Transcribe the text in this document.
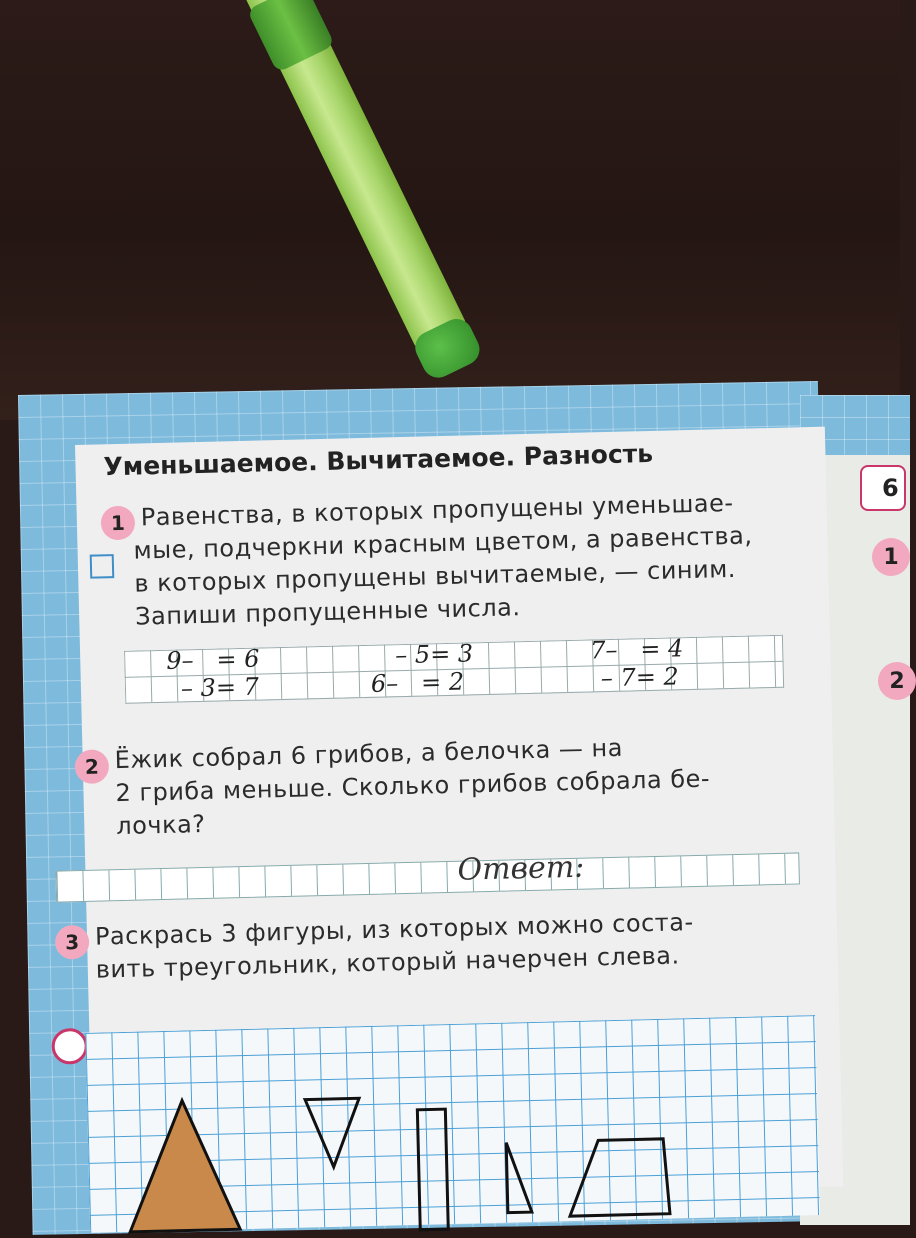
6
1
2
Уменьшаемое. Вычитаемое. Разность
1 Равенства, в которых пропущены уменьшае-
мые, подчеркни красным цветом, а равенства,
в которых пропущены вычитаемые, — синим.
Запиши пропущенные числа.
9–   = 6	– 5= 3	7–   = 4
– 3= 7	6–   = 2	– 7= 2
2 Ёжик собрал 6 грибов, а белочка — на
2 гриба меньше. Сколько грибов собрала бе-
лочка?
Ответ:
3 Раскрась 3 фигуры, из которых можно соста-
вить треугольник, который начерчен слева.
